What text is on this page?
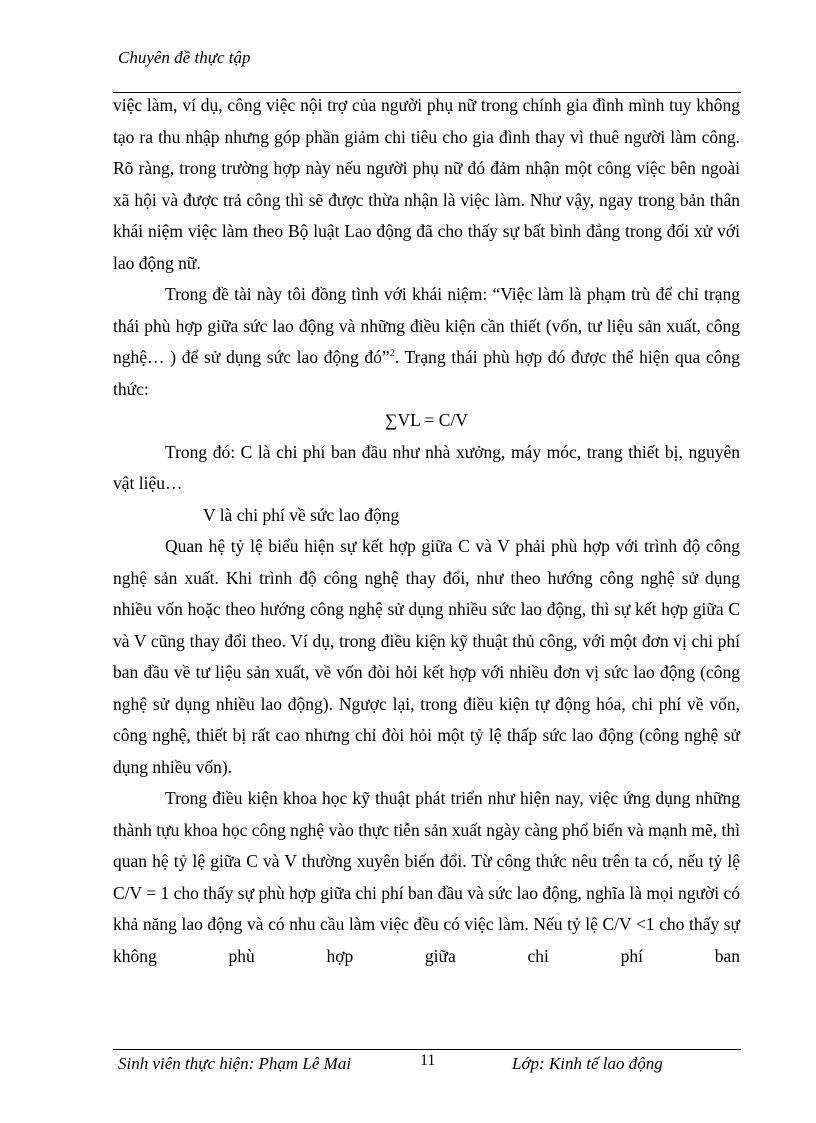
Chuyên đề thực tập

việc làm, ví dụ, công việc nội trợ của người phụ nữ trong chính gia đình mình tuy không tạo ra thu nhập nhưng góp phần giảm chi tiêu cho gia đình thay vì thuê người làm công. Rõ ràng, trong trường hợp này nếu người phụ nữ đó đảm nhận một công việc bên ngoài xã hội và được trả công thì sẽ được thừa nhận là việc làm. Như vậy, ngay trong bản thân khái niệm việc làm theo Bộ luật Lao động đã cho thấy sự bất bình đẳng trong đối xử với lao động nữ.

Trong đề tài này tôi đồng tình với khái niệm: “Việc làm là phạm trù để chỉ trạng thái phù hợp giữa sức lao động và những điều kiện cần thiết (vốn, tư liệu sản xuất, công nghệ… ) để sử dụng sức lao động đó”$^2$. Trạng thái phù hợp đó được thể hiện qua công thức:

∑VL = C/V

Trong đó: C là chi phí ban đầu như nhà xưởng, máy móc, trang thiết bị, nguyên vật liệu…

V là chi phí về sức lao động

Quan hệ tỷ lệ biểu hiện sự kết hợp giữa C và V phải phù hợp với trình độ công nghệ sản xuất. Khi trình độ công nghệ thay đổi, như theo hướng công nghệ sử dụng nhiều vốn hoặc theo hướng công nghệ sử dụng nhiều sức lao động, thì sự kết hợp giữa C và V cũng thay đổi theo. Ví dụ, trong điều kiện kỹ thuật thủ công, với một đơn vị chi phí ban đầu về tư liệu sản xuất, về vốn đòi hỏi kết hợp với nhiều đơn vị sức lao động (công nghệ sử dụng nhiều lao động). Ngược lại, trong điều kiện tự động hóa, chi phí về vốn, công nghệ, thiết bị rất cao nhưng chỉ đòi hỏi một tỷ lệ thấp sức lao động (công nghệ sử dụng nhiều vốn).

Trong điều kiện khoa học kỹ thuật phát triển như hiện nay, việc ứng dụng những thành tựu khoa học công nghệ vào thực tiễn sản xuất ngày càng phổ biến và mạnh mẽ, thì quan hệ tỷ lệ giữa C và V thường xuyên biến đổi. Từ công thức nêu trên ta có, nếu tỷ lệ C/V = 1 cho thấy sự phù hợp giữa chi phí ban đầu và sức lao động, nghĩa là mọi người có khả năng lao động và có nhu cầu làm việc đều có việc làm. Nếu tỷ lệ C/V <1 cho thấy sự không phù hợp giữa chi phí ban

Sinh viên thực hiện: Phạm Lê Mai	11	Lớp: Kinh tế lao động
